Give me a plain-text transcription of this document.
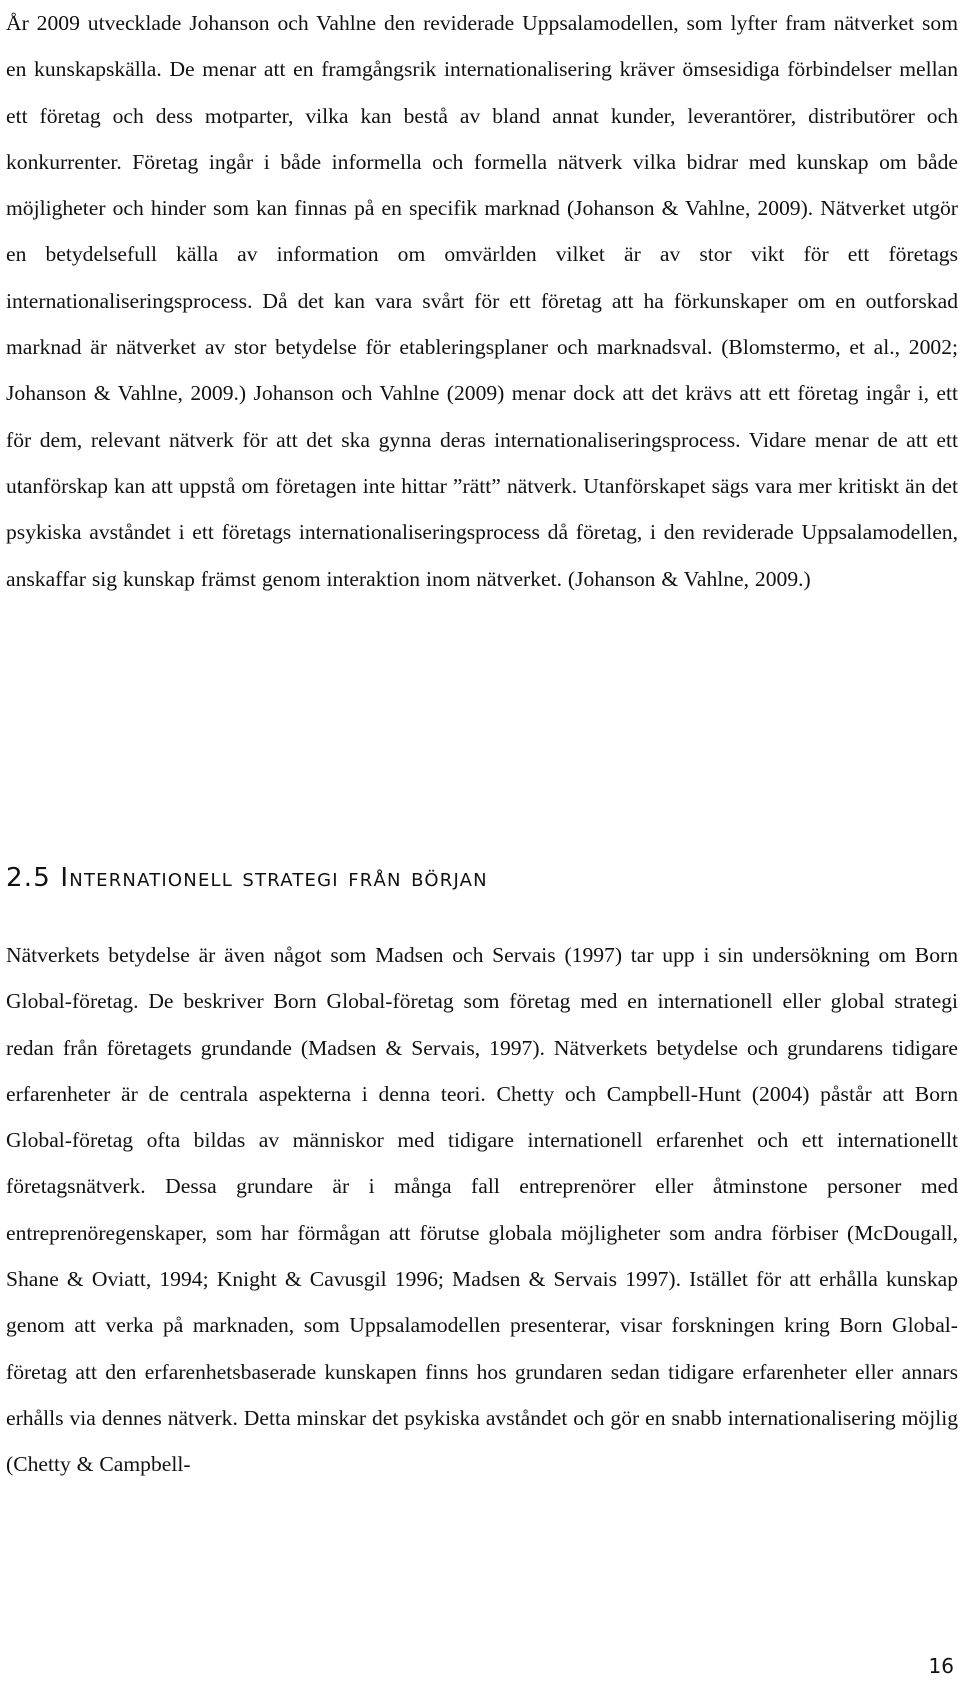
År 2009 utvecklade Johanson och Vahlne den reviderade Uppsalamodellen, som lyfter fram nätverket som en kunskapskälla. De menar att en framgångsrik internationalisering kräver ömsesidiga förbindelser mellan ett företag och dess motparter, vilka kan bestå av bland annat kunder, leverantörer, distributörer och konkurrenter. Företag ingår i både informella och formella nätverk vilka bidrar med kunskap om både möjligheter och hinder som kan finnas på en specifik marknad (Johanson & Vahlne, 2009). Nätverket utgör en betydelsefull källa av information om omvärlden vilket är av stor vikt för ett företags internationaliseringsprocess. Då det kan vara svårt för ett företag att ha förkunskaper om en outforskad marknad är nätverket av stor betydelse för etableringsplaner och marknadsval. (Blomstermo, et al., 2002; Johanson & Vahlne, 2009.) Johanson och Vahlne (2009) menar dock att det krävs att ett företag ingår i, ett för dem, relevant nätverk för att det ska gynna deras internationaliseringsprocess. Vidare menar de att ett utanförskap kan att uppstå om företagen inte hittar ”rätt” nätverk. Utanförskapet sägs vara mer kritiskt än det psykiska avståndet i ett företags internationaliseringsprocess då företag, i den reviderade Uppsalamodellen, anskaffar sig kunskap främst genom interaktion inom nätverket. (Johanson & Vahlne, 2009.)

2.5 Internationell strategi från början

Nätverkets betydelse är även något som Madsen och Servais (1997) tar upp i sin undersökning om Born Global-företag. De beskriver Born Global-företag som företag med en internationell eller global strategi redan från företagets grundande (Madsen & Servais, 1997). Nätverkets betydelse och grundarens tidigare erfarenheter är de centrala aspekterna i denna teori. Chetty och Campbell-Hunt (2004) påstår att Born Global-företag ofta bildas av människor med tidigare internationell erfarenhet och ett internationellt företagsnätverk. Dessa grundare är i många fall entreprenörer eller åtminstone personer med entreprenöregenskaper, som har förmågan att förutse globala möjligheter som andra förbiser (McDougall, Shane & Oviatt, 1994; Knight & Cavusgil 1996; Madsen & Servais 1997). Istället för att erhålla kunskap genom att verka på marknaden, som Uppsalamodellen presenterar, visar forskningen kring Born Global-företag att den erfarenhetsbaserade kunskapen finns hos grundaren sedan tidigare erfarenheter eller annars erhålls via dennes nätverk. Detta minskar det psykiska avståndet och gör en snabb internationalisering möjlig (Chetty & Campbell-

16
